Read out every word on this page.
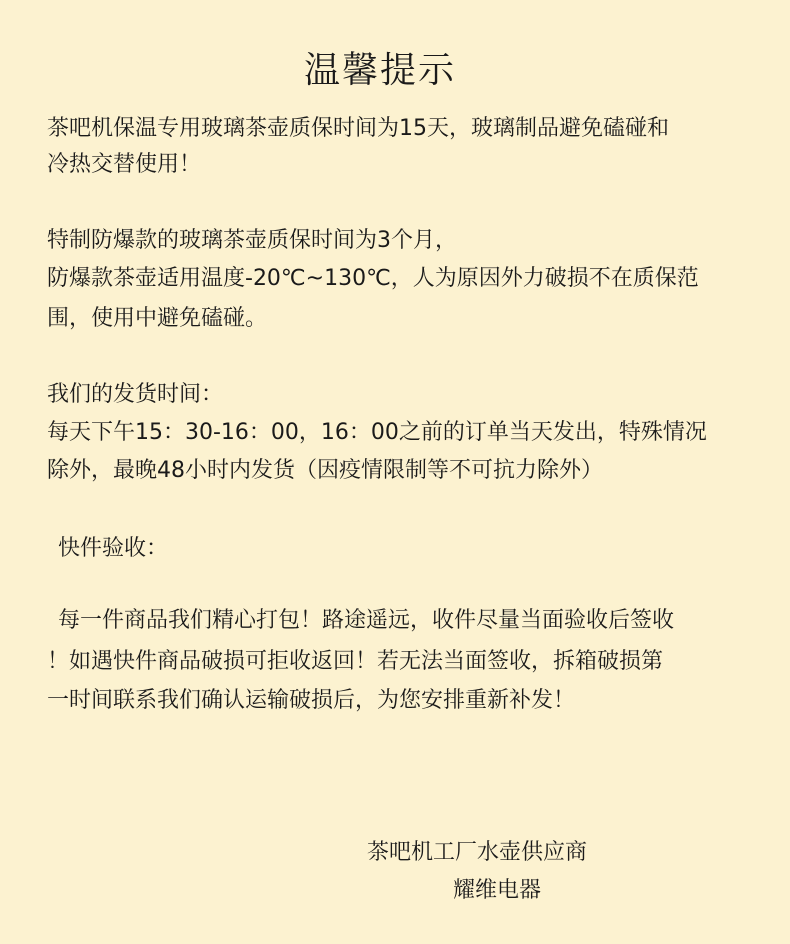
温馨提示
茶吧机保温专用玻璃茶壶质保时间为15天，玻璃制品避免磕碰和
冷热交替使用！
特制防爆款的玻璃茶壶质保时间为3个月，
防爆款茶壶适用温度-20℃~130℃，人为原因外力破损不在质保范
围，使用中避免磕碰。
我们的发货时间：
每天下午15：30-16：00，16：00之前的订单当天发出，特殊情况
除外，最晚48小时内发货（因疫情限制等不可抗力除外）
快件验收：
每一件商品我们精心打包！路途遥远，收件尽量当面验收后签收
！如遇快件商品破损可拒收返回！若无法当面签收，拆箱破损第
一时间联系我们确认运输破损后，为您安排重新补发！
茶吧机工厂水壶供应商
耀维电器
